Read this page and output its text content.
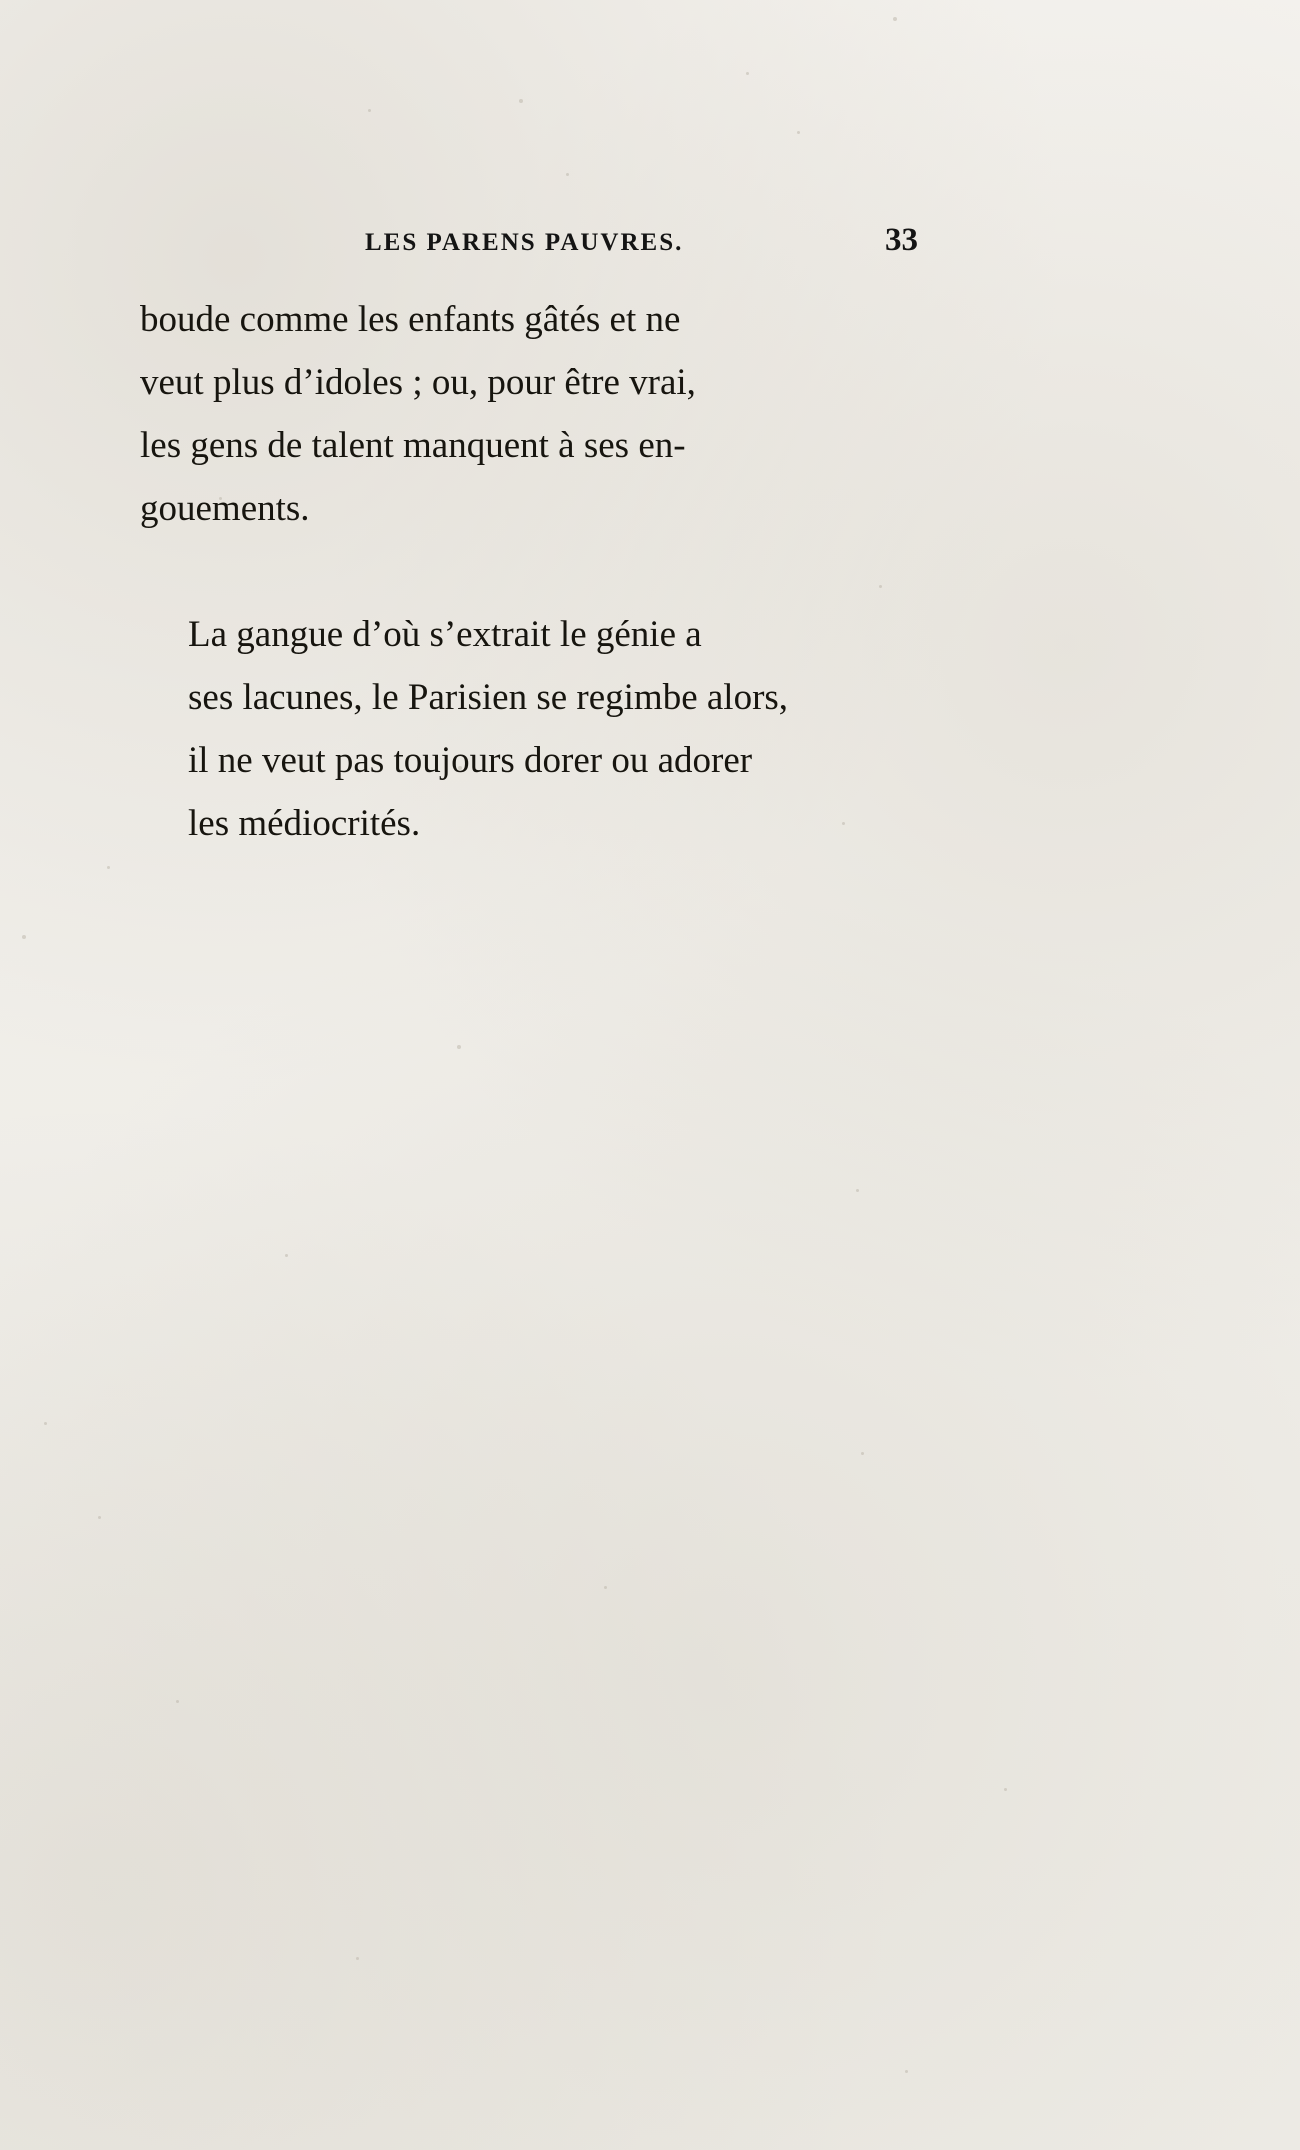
LES PARENS PAUVRES.	33

boude comme les enfants gâtés et ne
veut plus d’idoles ; ou, pour être vrai,
les gens de talent manquent à ses en-
gouements.

La gangue d’où s’extrait le génie a
ses lacunes, le Parisien se regimbe alors,
il ne veut pas toujours dorer ou adorer
les médiocrités.
